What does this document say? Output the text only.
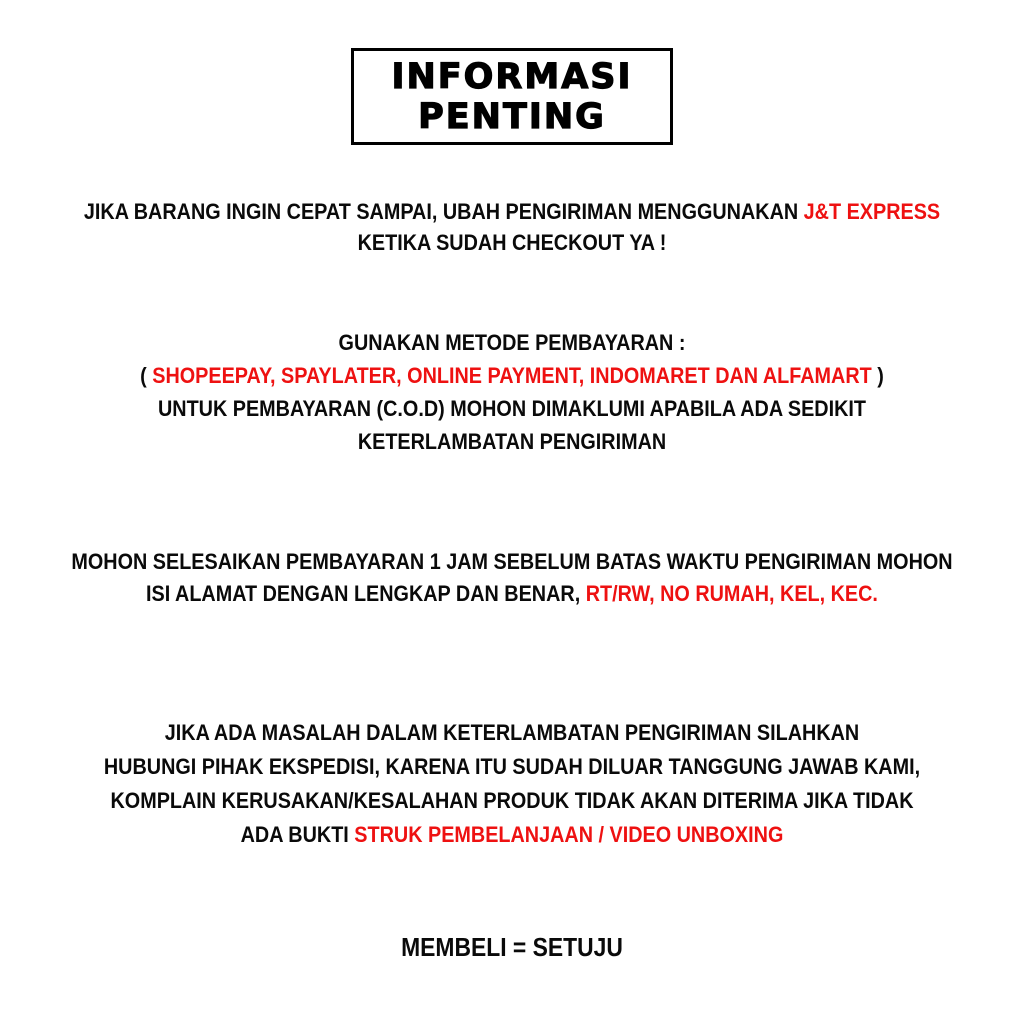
INFORMASI
PENTING
JIKA BARANG INGIN CEPAT SAMPAI, UBAH PENGIRIMAN MENGGUNAKAN J&T EXPRESS
KETIKA SUDAH CHECKOUT YA !
GUNAKAN METODE PEMBAYARAN :
( SHOPEEPAY, SPAYLATER, ONLINE PAYMENT, INDOMARET DAN ALFAMART )
UNTUK PEMBAYARAN (C.O.D) MOHON DIMAKLUMI APABILA ADA SEDIKIT
KETERLAMBATAN PENGIRIMAN
MOHON SELESAIKAN PEMBAYARAN 1 JAM SEBELUM BATAS WAKTU PENGIRIMAN MOHON
ISI ALAMAT DENGAN LENGKAP DAN BENAR, RT/RW, NO RUMAH, KEL, KEC.
JIKA ADA MASALAH DALAM KETERLAMBATAN PENGIRIMAN SILAHKAN
HUBUNGI PIHAK EKSPEDISI, KARENA ITU SUDAH DILUAR TANGGUNG JAWAB KAMI,
KOMPLAIN KERUSAKAN/KESALAHAN PRODUK TIDAK AKAN DITERIMA JIKA TIDAK
ADA BUKTI STRUK PEMBELANJAAN / VIDEO UNBOXING
MEMBELI = SETUJU
